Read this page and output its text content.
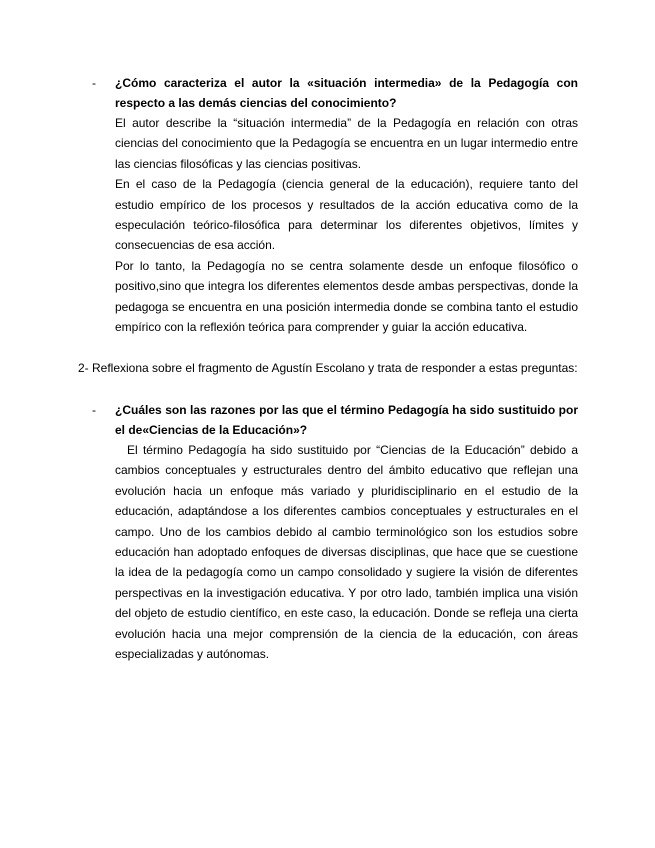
- ¿Cómo caracteriza el autor la «situación intermedia» de la Pedagogía con respecto a las demás ciencias del conocimiento?

El autor describe la “situación intermedia” de la Pedagogía en relación con otras ciencias del conocimiento que la Pedagogía se encuentra en un lugar intermedio entre las ciencias filosóficas y las ciencias positivas.

En el caso de la Pedagogía (ciencia general de la educación), requiere tanto del estudio empírico de los procesos y resultados de la acción educativa como de la especulación teórico-filosófica para determinar los diferentes objetivos, límites y consecuencias de esa acción.

Por lo tanto, la Pedagogía no se centra solamente desde un enfoque filosófico o positivo,sino que integra los diferentes elementos desde ambas perspectivas, donde la pedagoga se encuentra en una posición intermedia donde se combina tanto el estudio empírico con la reflexión teórica para comprender y guiar la acción educativa.

2- Reflexiona sobre el fragmento de Agustín Escolano y trata de responder a estas preguntas:
- ¿Cuáles son las razones por las que el término Pedagogía ha sido sustituido por el de«Ciencias de la Educación»?

El término Pedagogía ha sido sustituido por “Ciencias de la Educación” debido a cambios conceptuales y estructurales dentro del ámbito educativo que reflejan una evolución hacia un enfoque más variado y pluridisciplinario en el estudio de la educación, adaptándose a los diferentes cambios conceptuales y estructurales en el campo. Uno de los cambios debido al cambio terminológico son los estudios sobre educación han adoptado enfoques de diversas disciplinas, que hace que se cuestione la idea de la pedagogía como un campo consolidado y sugiere la visión de diferentes perspectivas en la investigación educativa. Y por otro lado, también implica una visión del objeto de estudio científico, en este caso, la educación. Donde se refleja una cierta evolución hacia una mejor comprensión de la ciencia de la educación, con áreas especializadas y autónomas.
